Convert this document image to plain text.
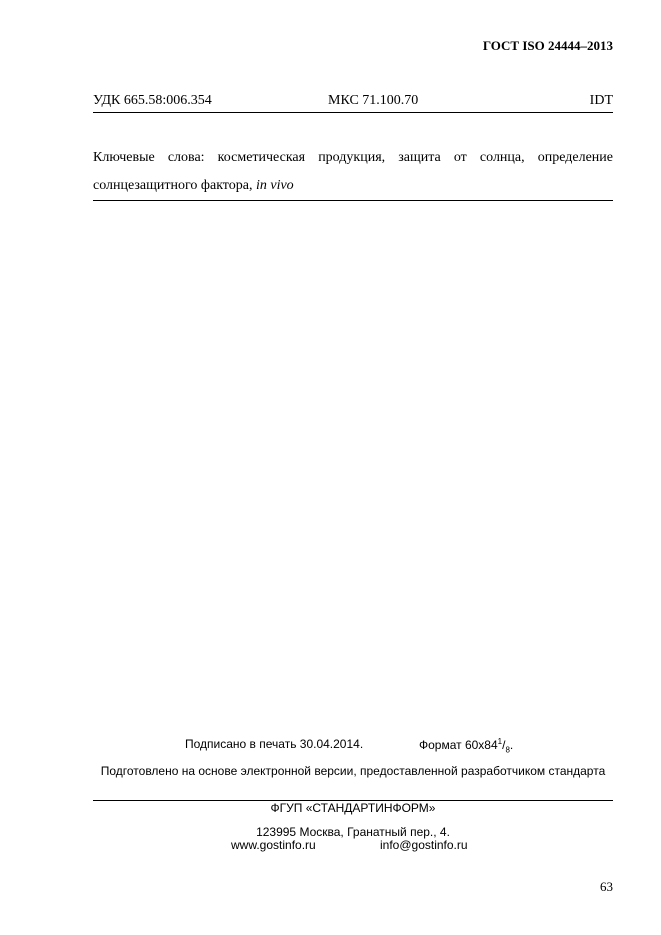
ГОСТ ISO 24444–2013
УДК 665.58:006.354	МКС 71.100.70	IDT
Ключевые слова: косметическая продукция, защита от солнца, определение
солнцезащитного фактора, in vivo
Подписано в печать 30.04.2014.	Формат $60x84^1/_8$.
Подготовлено на основе электронной версии, предоставленной разработчиком стандарта
ФГУП «СТАНДАРТИНФОРМ»
123995 Москва, Гранатный пер., 4.
www.gostinfo.ru	info@gostinfo.ru
63
